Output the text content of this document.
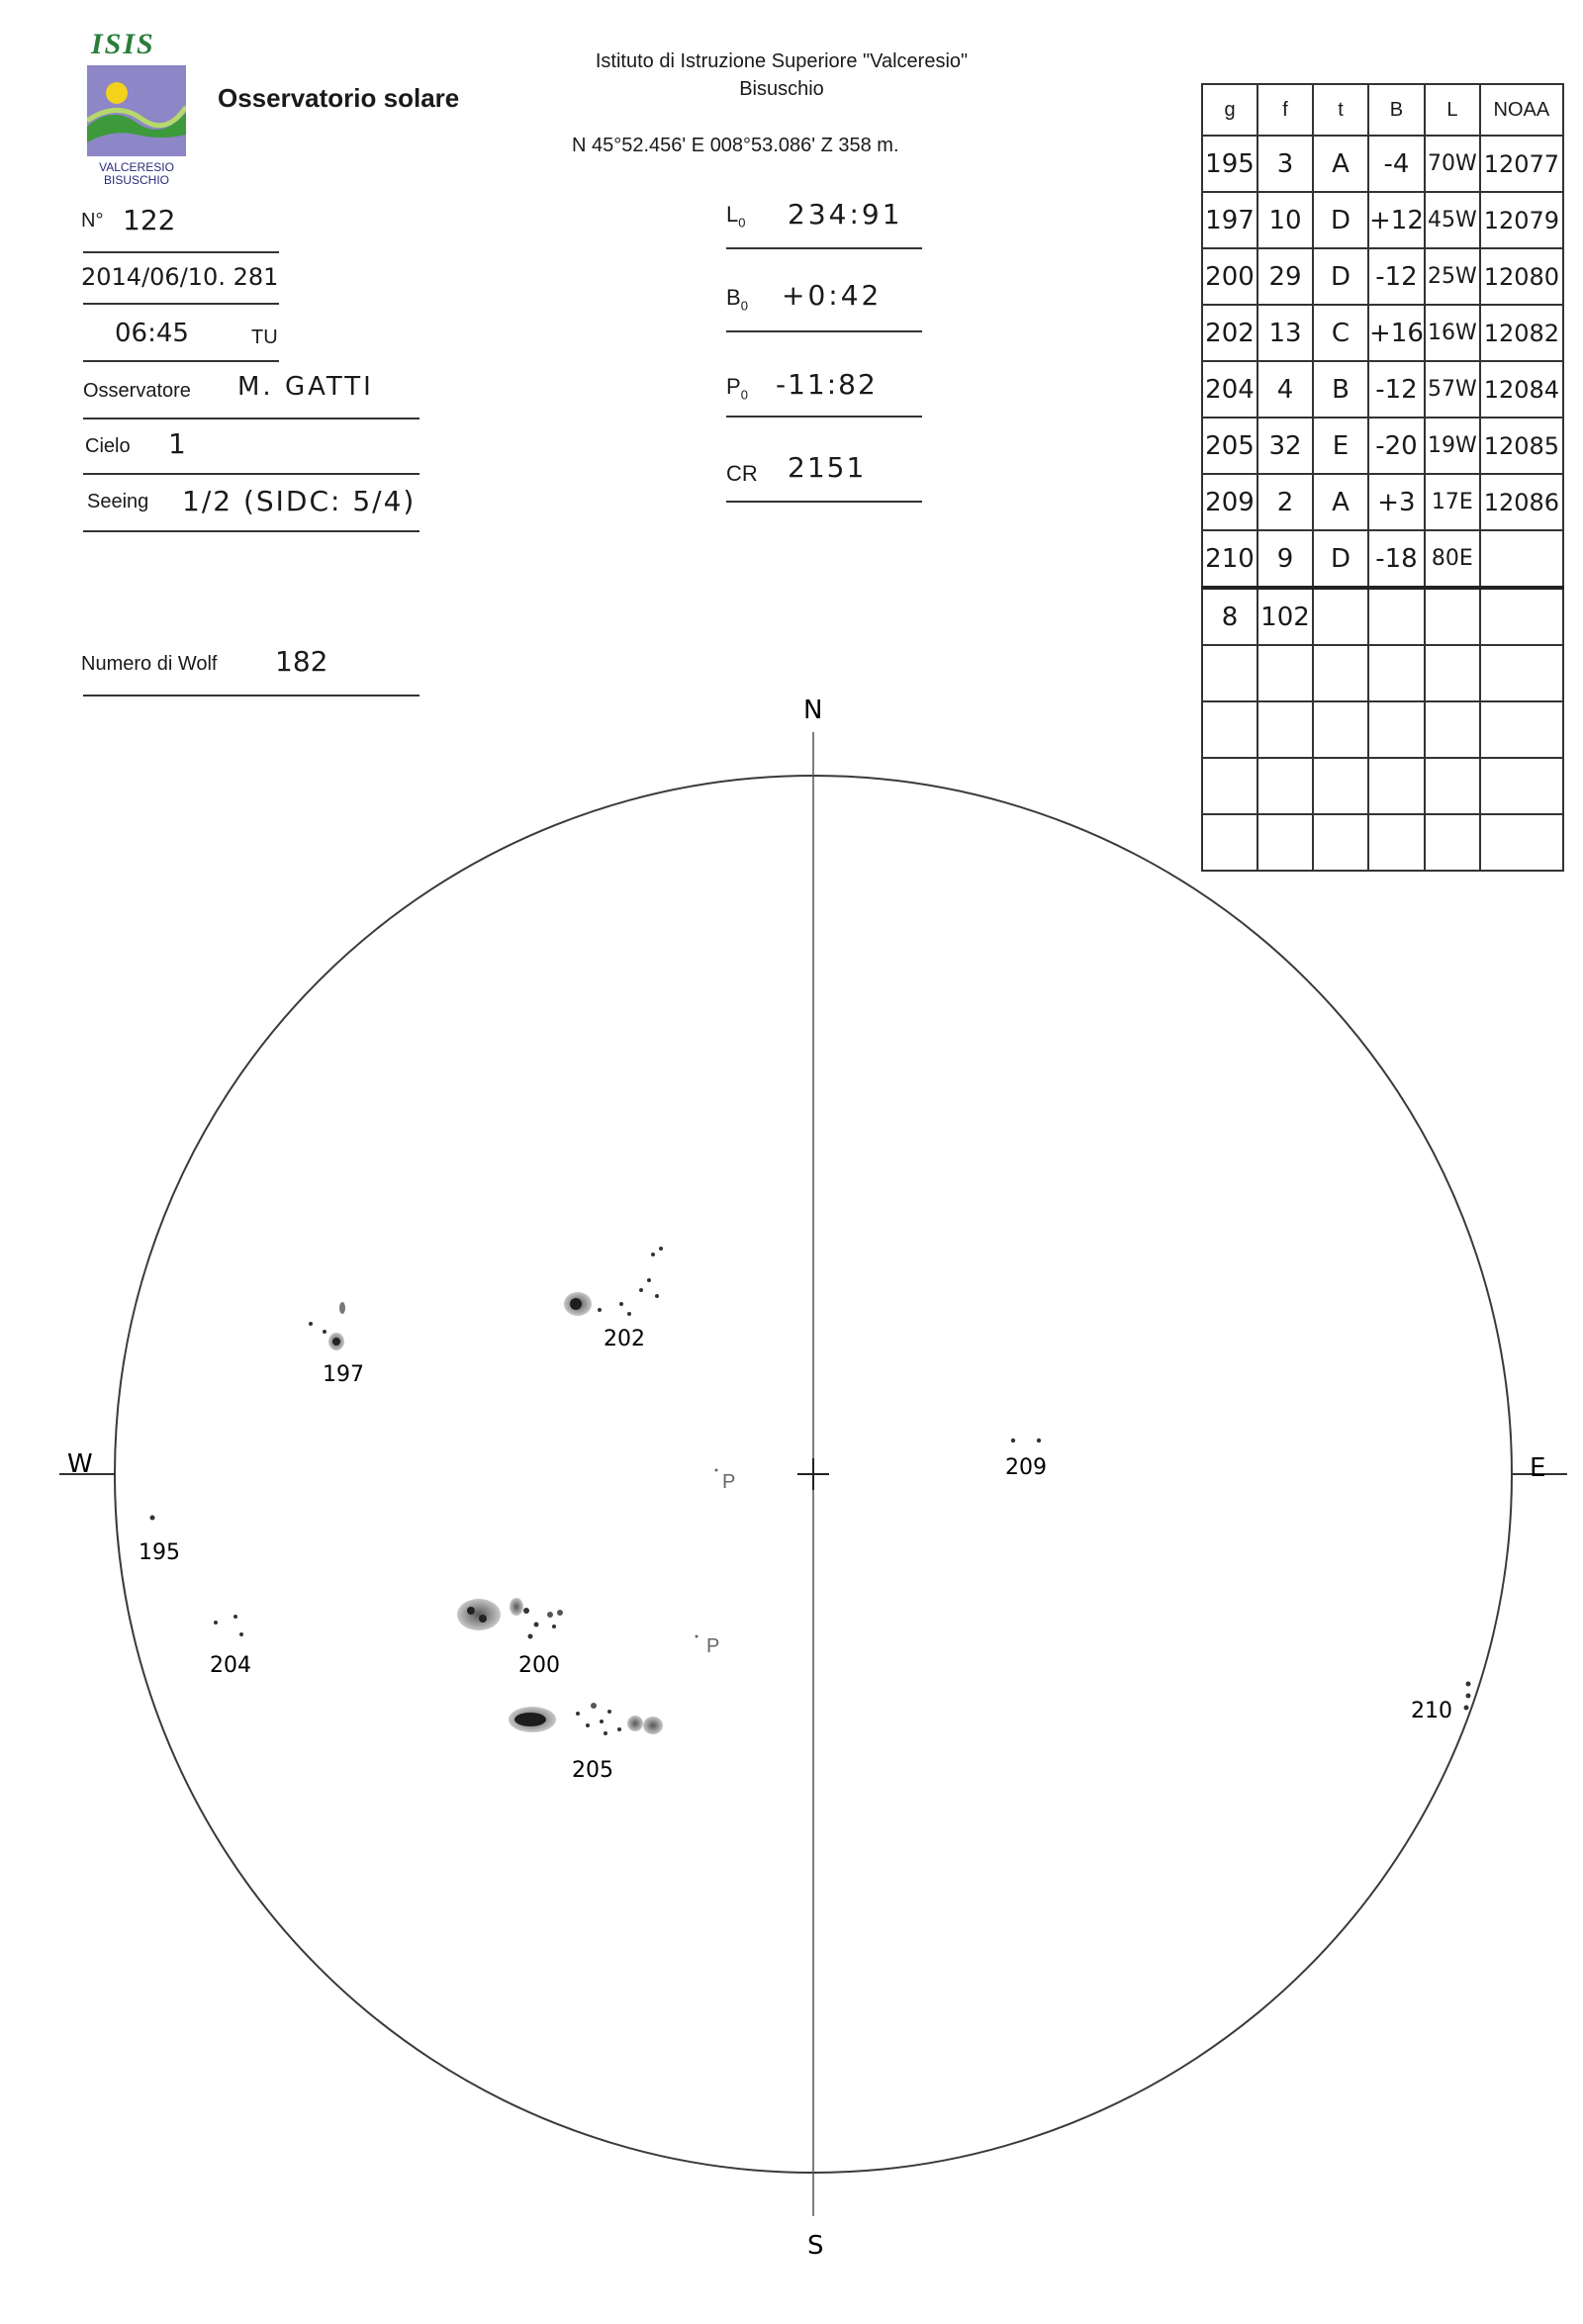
ISIS
VALCERESIO
BISUSCHIO
Osservatorio solare
Istituto di Istruzione Superiore "Valceresio"
Bisuschio
N 45°52.456' E 008°53.086' Z 358 m.
N° 122
2014/06/10. 281
06:45	TU
Osservatore M. GATTI
Cielo 1
Seeing 1/2 (SIDC: 5/4)
Numero di Wolf 182
$L_0$ 234:91
$B_0$ +0:42
$P_0$ -11:82
CR 2151
g	f	t	B	L	NOAA
195	3	A	-4	70W	12077
197	10	D	+12	45W	12079
200	29	D	-12	25W	12080
202	13	C	+16	16W	12082
204	4	B	-12	57W	12084
205	32	E	-20	19W	12085
209	2	A	+3	17E	12086
210	9	D	-18	80E	
8	102				

N
S
W	E
197
202
209
195
204	200
205
210
P
P
